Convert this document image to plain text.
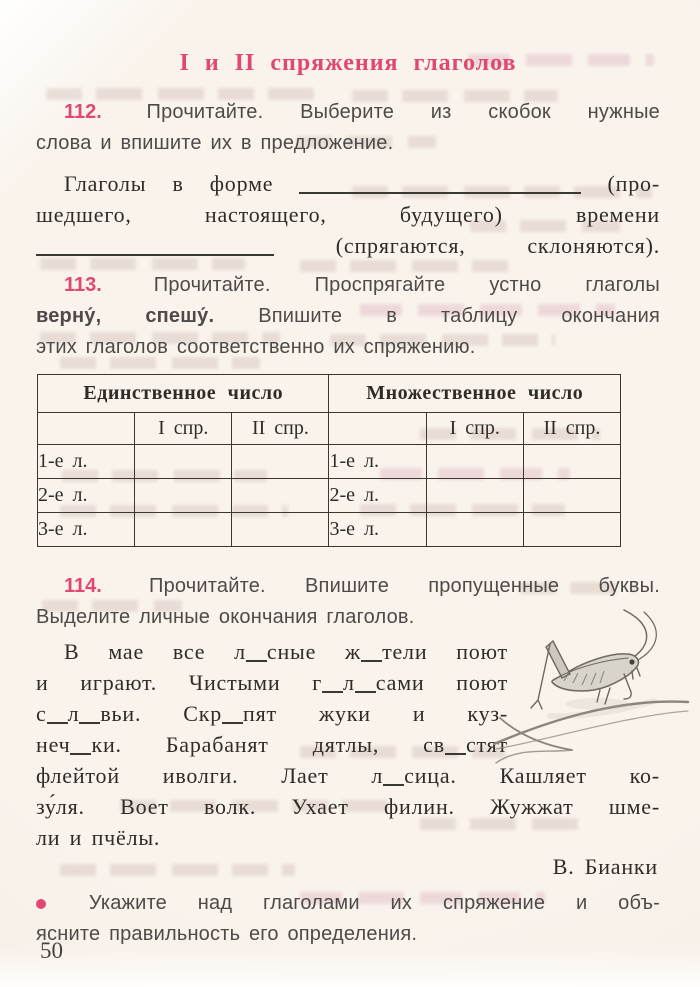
I и II спряжения глаголов
112. Прочитайте. Выберите из скобок нужные
слова и впишите их в предложение.
Глаголы в форме	(про-
шедшего,	настоящего,	будущего)	времени
(спрягаются,	склоняются).
113.	Прочитайте. Проспрягайте устно глаголы
верну́, спешу́. Впишите в таблицу окончания
этих глаголов соответственно их спряжению.
Единственное число			Множественное число		
	I спр.	II спр.		I спр.	II спр.
1-е л.			1-е л.		
2-е л.			2-е л.		
3-е л.			3-е л.		
114. Прочитайте. Впишите пропущенные буквы.
Выделите личные окончания глаголов.
В мае все л сные ж тели поют
и играют. Чистыми г л сами поют
с л вьи. Скр пят жуки и куз-
неч ки. Барабанят дятлы, св стят
флейтой иволги. Лает л сица. Кашляет ко-
зу́ля. Воет волк. Ухает филин. Жужжат шме-
ли и пчёлы.
В. Бианки
Укажите над глаголами их спряжение и объ-
ясните правильность его определения.
50
